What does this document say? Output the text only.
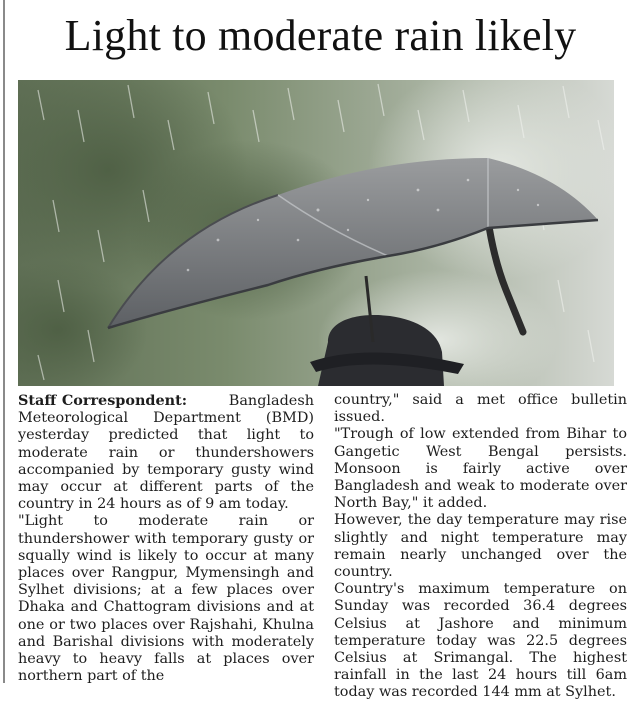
Light to moderate rain likely

Staff Correspondent:	Bangladesh Meteorological Department (BMD) yesterday predicted that light to moderate rain or thundershowers accompanied by temporary gusty wind may occur at different parts of the country in 24 hours as of 9 am today.

"Light to moderate rain or thundershower with temporary gusty or squally wind is likely to occur at many places over Rangpur, Mymensingh and Sylhet divisions; at a few places over Dhaka and Chattogram divisions and at one or two places over Rajshahi, Khulna and Barishal divisions with moderately heavy to heavy falls at places over northern part of the

country," said a met office bulletin issued.

"Trough of low extended from Bihar to Gangetic West Bengal persists. Monsoon is fairly active over Bangladesh and weak to moderate over North Bay," it added.

However, the day temperature may rise slightly and night temperature may remain nearly unchanged over the country.

Country's maximum temperature on Sunday was recorded 36.4 degrees Celsius at Jashore and minimum temperature today was 22.5 degrees Celsius at Srimangal. The highest rainfall in the last 24 hours till 6am today was recorded 144 mm at Sylhet.
